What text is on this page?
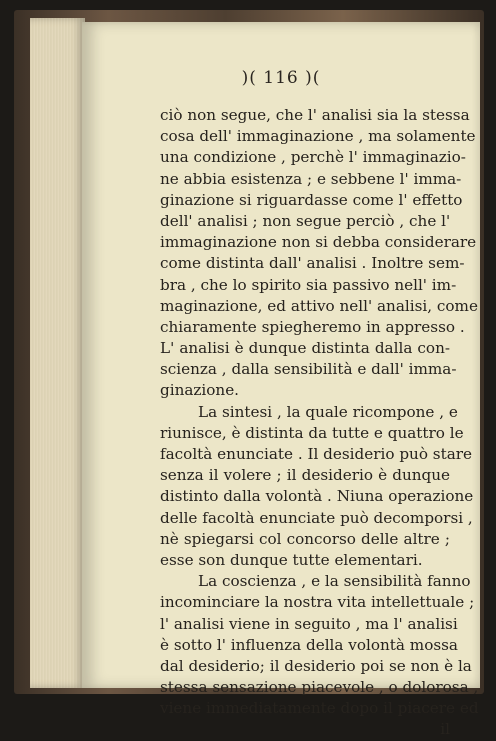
)( 116 )(
ciò non segue, che l' analisi sia la stessa
cosa dell' immaginazione , ma solamente
una condizione , perchè l' immaginazio-
ne abbia esistenza ; e sebbene l' imma-
ginazione si riguardasse come l' effetto
dell' analisi ; non segue perciò , che l'
immaginazione non si debba considerare
come distinta dall' analisi . Inoltre sem-
bra , che lo spirito sia passivo nell' im-
maginazione, ed attivo nell' analisi, come
chiaramente spiegheremo in appresso .
L' analisi è dunque distinta dalla con-
scienza , dalla sensibilità e dall' imma-
ginazione.
La sintesi , la quale ricompone , e
riunisce, è distinta da tutte e quattro le
facoltà enunciate . Il desiderio può stare
senza il volere ; il desiderio è dunque
distinto dalla volontà . Niuna operazione
delle facoltà enunciate può decomporsi ,
nè spiegarsi col concorso delle altre ;
esse son dunque tutte elementari.
La coscienza , e la sensibilità fanno
incominciare la nostra vita intellettuale ;
l' analisi viene in seguito , ma l' analisi
è sotto l' influenza della volontà mossa
dal desiderio; il desiderio poi se non è la
stessa sensazione piacevole , o dolorosa ,
viene immediatamente dopo il piacere ed
il
